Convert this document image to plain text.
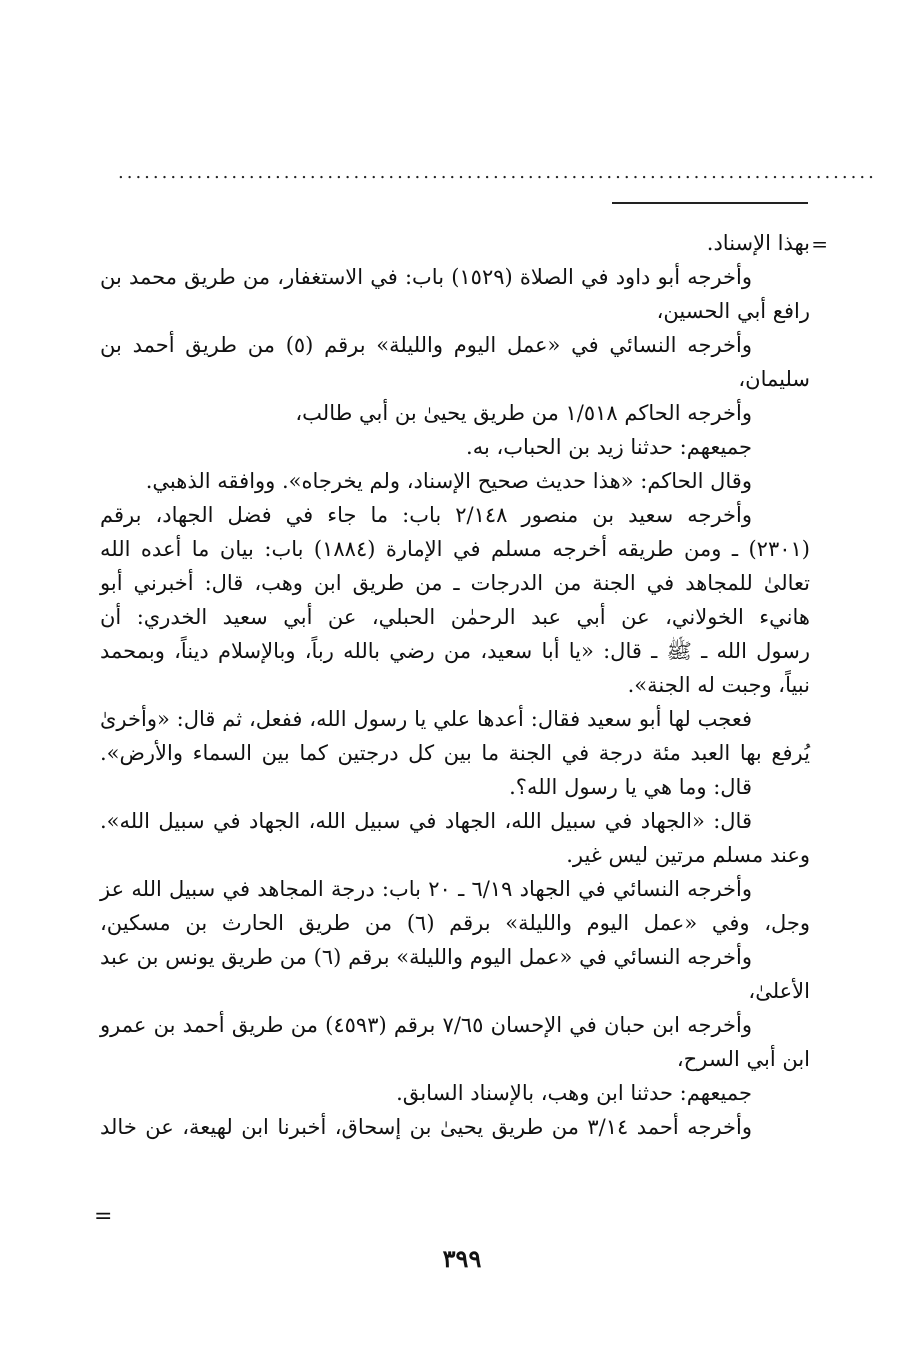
.......................................................................................
=
بهذا الإسناد.
وأخرجه أبو داود في الصلاة (١٥٢٩) باب: في الاستغفار، من طريق محمد بن
رافع أبي الحسين،
وأخرجه النسائي في «عمل اليوم والليلة» برقم (٥) من طريق أحمد بن
سليمان،
وأخرجه الحاكم ١/٥١٨ من طريق يحيىٰ بن أبي طالب،
جميعهم: حدثنا زيد بن الحباب، به.
وقال الحاكم: «هذا حديث صحيح الإسناد، ولم يخرجاه». ووافقه الذهبي.
وأخرجه سعيد بن منصور ٢/١٤٨ باب: ما جاء في فضل الجهاد، برقم
(٢٣٠١) ـ ومن طريقه أخرجه مسلم في الإمارة (١٨٨٤) باب: بيان ما أعده الله
تعالىٰ للمجاهد في الجنة من الدرجات ـ من طريق ابن وهب، قال: أخبرني أبو
هانيء الخولاني، عن أبي عبد الرحمٰن الحبلي، عن أبي سعيد الخدري: أن
رسول الله ـ ﷺ ـ قال: «يا أبا سعيد، من رضي بالله رباً، وبالإسلام ديناً، وبمحمد
نبياً، وجبت له الجنة».
فعجب لها أبو سعيد فقال: أعدها علي يا رسول الله، ففعل، ثم قال: «وأخرىٰ
يُرفع بها العبد مئة درجة في الجنة ما بين كل درجتين كما بين السماء والأرض».
قال: وما هي يا رسول الله؟.
قال: «الجهاد في سبيل الله، الجهاد في سبيل الله، الجهاد في سبيل الله».
وعند مسلم مرتين ليس غير.
وأخرجه النسائي في الجهاد ٦/١٩ ـ ٢٠ باب: درجة المجاهد في سبيل الله عز
وجل، وفي «عمل اليوم والليلة» برقم (٦) من طريق الحارث بن مسكين،
وأخرجه النسائي في «عمل اليوم والليلة» برقم (٦) من طريق يونس بن عبد
الأعلىٰ،
وأخرجه ابن حبان في الإحسان ٧/٦٥ برقم (٤٥٩٣) من طريق أحمد بن عمرو
ابن أبي السرح،
جميعهم: حدثنا ابن وهب، بالإسناد السابق.
وأخرجه أحمد ٣/١٤ من طريق يحيىٰ بن إسحاق، أخبرنا ابن لهيعة، عن خالد
=
٣٩٩
